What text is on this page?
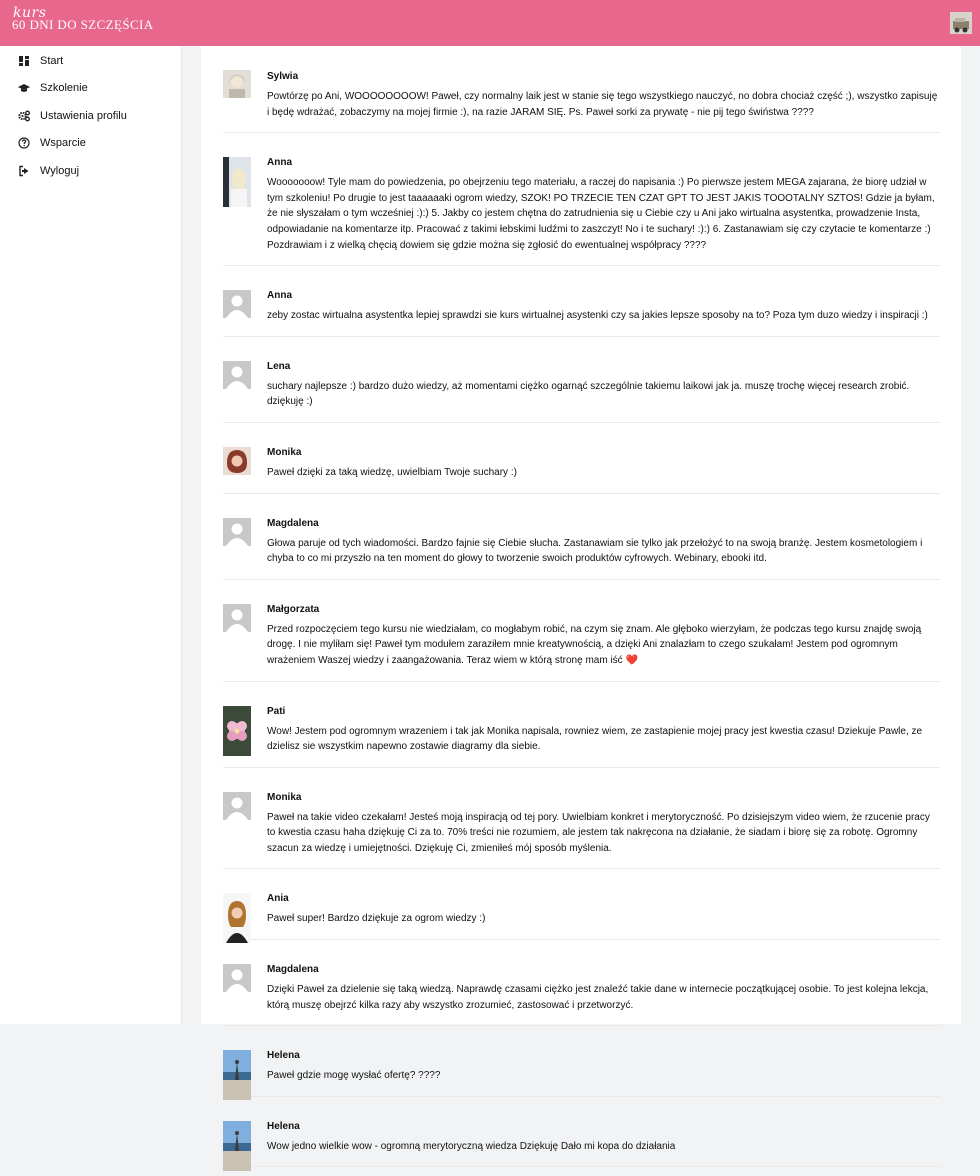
kurs
60 DNI DO SZCZĘŚCIA
Start
Szkolenie
Ustawienia profilu
Wsparcie
Wyloguj
Sylwia
Powtórzę po Ani, WOOOOOOOOW! Paweł, czy normalny laik jest w stanie się tego wszystkiego nauczyć, no dobra chociaż część ;), wszystko zapisuję i będę wdrażać, zobaczymy na mojej firmie :), na razie JARAM SIĘ. Ps. Paweł sorki za prywatę - nie pij tego świństwa ????
Anna
Wooooooow! Tyle mam do powiedzenia, po obejrzeniu tego materiału, a raczej do napisania :) Po pierwsze jestem MEGA zajarana, że biorę udział w tym szkoleniu! Po drugie to jest taaaaaaki ogrom wiedzy, SZOK! PO TRZECIE TEN CZAT GPT TO JEST JAKIS TOOOTALNY SZTOS! Gdzie ja byłam, że nie słyszałam o tym wcześniej :):) 5. Jakby co jestem chętna do zatrudnienia się u Ciebie czy u Ani jako wirtualna asystentka, prowadzenie Insta, odpowiadanie na komentarze itp. Pracować z takimi łebskimi ludźmi to zaszczyt! No i te suchary! :):) 6. Zastanawiam się czy czytacie te komentarze :) Pozdrawiam i z wielką chęcią dowiem się gdzie można się zgłosić do ewentualnej współpracy ????
Anna
zeby zostac wirtualna asystentka lepiej sprawdzi sie kurs wirtualnej asystenki czy sa jakies lepsze sposoby na to? Poza tym duzo wiedzy i inspiracji :)
Lena
suchary najlepsze :) bardzo dużo wiedzy, aż momentami ciężko ogarnąć szczególnie takiemu laikowi jak ja. muszę trochę więcej research zrobić. dziękuję :)
Monika
Paweł dzięki za taką wiedzę, uwielbiam Twoje suchary :)
Magdalena
Głowa paruje od tych wiadomości. Bardzo fajnie się Ciebie słucha. Zastanawiam sie tylko jak przełożyć to na swoją branżę. Jestem kosmetologiem i chyba to co mi przyszło na ten moment do głowy to tworzenie swoich produktów cyfrowych. Webinary, ebooki itd.
Małgorzata
Przed rozpoczęciem tego kursu nie wiedziałam, co mogłabym robić, na czym się znam. Ale głęboko wierzyłam, że podczas tego kursu znajdę swoją drogę. I nie myliłam się! Paweł tym modułem zaraziłem mnie kreatywnością, a dzięki Ani znalazłam to czego szukałam! Jestem pod ogromnym wrażeniem Waszej wiedzy i zaangażowania. Teraz wiem w którą stronę mam iść ❤️
Pati
Wow! Jestem pod ogromnym wrazeniem i tak jak Monika napisala, rowniez wiem, ze zastapienie mojej pracy jest kwestia czasu! Dziekuje Pawle, ze dzielisz sie wszystkim napewno zostawie diagramy dla siebie.
Monika
Paweł na takie video czekałam! Jesteś moją inspiracją od tej pory. Uwielbiam konkret i merytoryczność. Po dzisiejszym video wiem, że rzucenie pracy to kwestia czasu haha dziękuję Ci za to. 70% treści nie rozumiem, ale jestem tak nakręcona na działanie, że siadam i biorę się za robotę. Ogromny szacun za wiedzę i umiejętności. Dziękuję Ci, zmieniłeś mój sposób myślenia.
Ania
Paweł super! Bardzo dziękuje za ogrom wiedzy :)
Magdalena
Dzięki Paweł za dzielenie się taką wiedzą. Naprawdę czasami ciężko jest znaleźć takie dane w internecie początkującej osobie. To jest kolejna lekcja, którą muszę obejrzć kilka razy aby wszystko zrozumieć, zastosować i przetworzyć.
Helena
Paweł gdzie mogę wysłać ofertę? ????
Helena
Wow jedno wielkie wow - ogromną merytoryczną wiedza Dziękuję Dało mi kopa do działania
